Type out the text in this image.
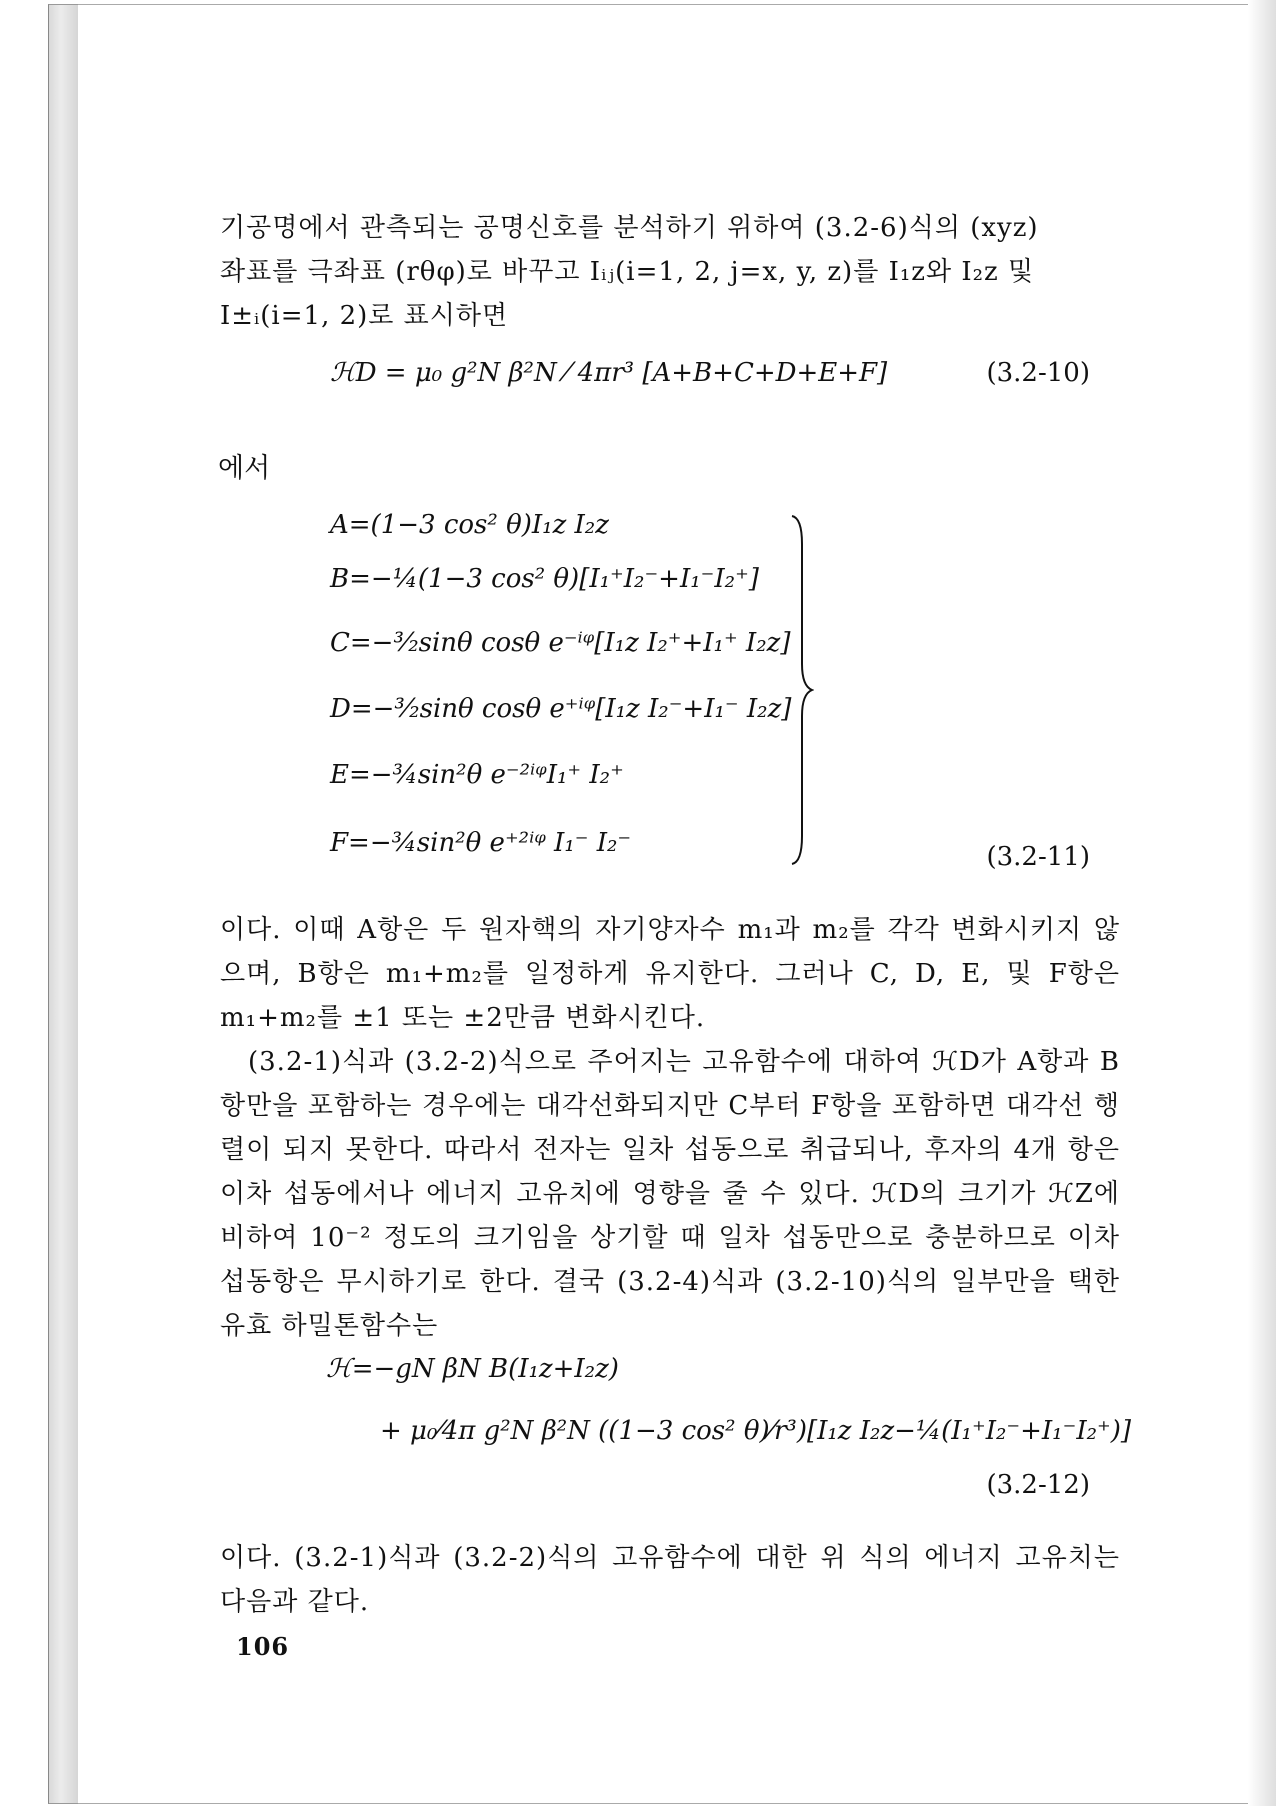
기공명에서 관측되는 공명신호를 분석하기 위하여 (3.2-6)식의 (xyz)

좌표를 극좌표 (rθφ)로 바꾸고 Iᵢⱼ(i=1, 2, j=x, y, z)를 I₁z와 I₂z 및

I±ᵢ(i=1, 2)로 표시하면

ℋD = μ₀ g²N β²N ⁄ 4πr³ [A+B+C+D+E+F]	(3.2-10)
에서
A=(1−3 cos² θ)I₁z I₂z
B=−¼(1−3 cos² θ)[I₁⁺I₂⁻+I₁⁻I₂⁺]
C=−³⁄₂sinθ cosθ e⁻ⁱᵠ[I₁z I₂⁺+I₁⁺ I₂z]
D=−³⁄₂sinθ cosθ e⁺ⁱᵠ[I₁z I₂⁻+I₁⁻ I₂z]
E=−¾sin²θ e⁻²ⁱᵠI₁⁺ I₂⁺
F=−¾sin²θ e⁺²ⁱᵠ I₁⁻ I₂⁻	(3.2-11)

이다. 이때 A항은 두 원자핵의 자기양자수 m₁과 m₂를 각각 변화시키지 않으며, B항은 m₁+m₂를 일정하게 유지한다. 그러나 C, D, E, 및 F항은 m₁+m₂를 ±1 또는 ±2만큼 변화시킨다.

(3.2-1)식과 (3.2-2)식으로 주어지는 고유함수에 대하여 ℋD가 A항과 B항만을 포함하는 경우에는 대각선화되지만 C부터 F항을 포함하면 대각선 행렬이 되지 못한다. 따라서 전자는 일차 섭동으로 취급되나, 후자의 4개 항은 이차 섭동에서나 에너지 고유치에 영향을 줄 수 있다. ℋD의 크기가 ℋZ에 비하여 10⁻² 정도의 크기임을 상기할 때 일차 섭동만으로 충분하므로 이차 섭동항은 무시하기로 한다. 결국 (3.2-4)식과 (3.2-10)식의 일부만을 택한 유효 하밀톤함수는

ℋ=−gN βN B(I₁z+I₂z)
+ μ₀⁄4π g²N β²N ((1−3 cos² θ)⁄r³)[I₁z I₂z−¼(I₁⁺I₂⁻+I₁⁻I₂⁺)]
(3.2-12)

이다. (3.2-1)식과 (3.2-2)식의 고유함수에 대한 위 식의 에너지 고유치는 다음과 같다.

106
